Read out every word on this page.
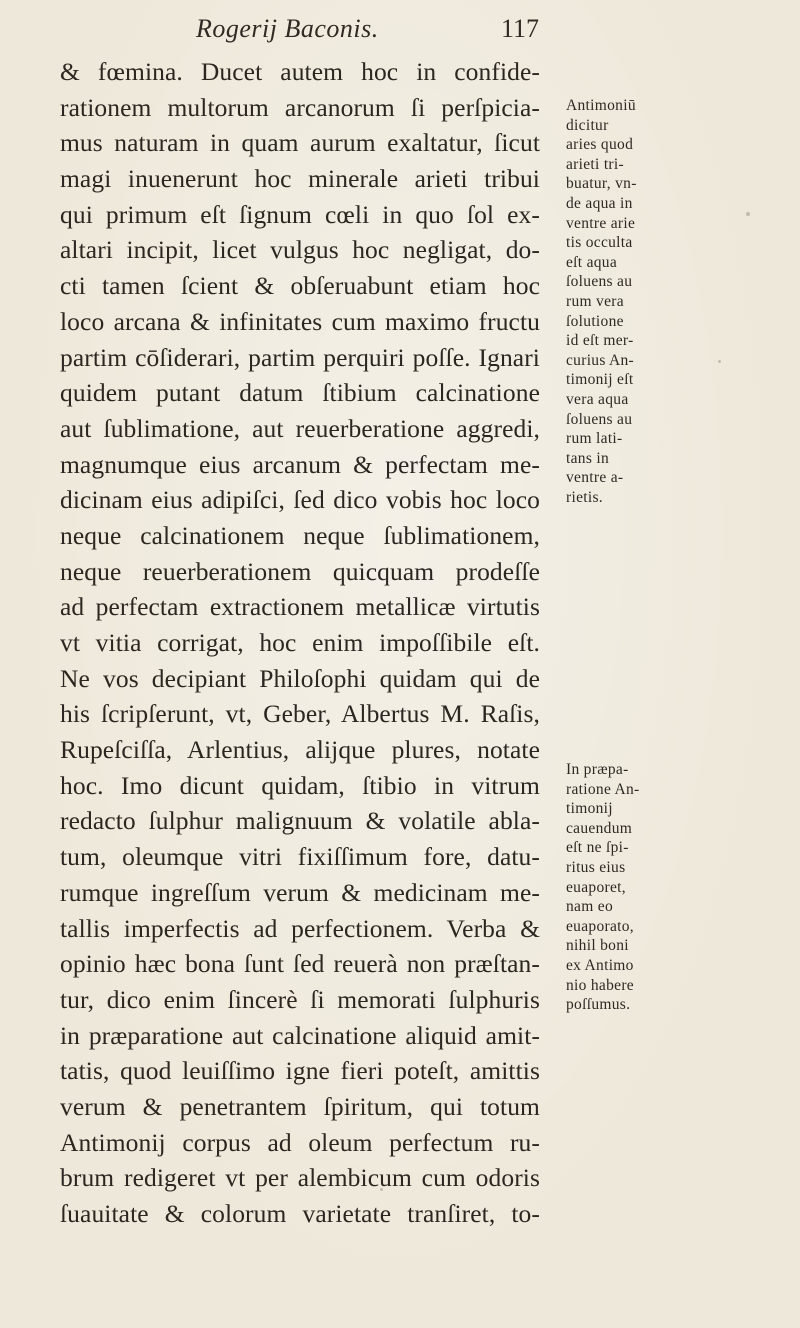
Rogerij Baconis.	117
& fœmina. Ducet autem hoc in confide-
rationem multorum arcanorum ſi perſpicia-
mus naturam in quam aurum exaltatur, ſicut
magi inuenerunt hoc minerale arieti tribui
qui primum eſt ſignum cœli in quo ſol ex-
altari incipit, licet vulgus hoc negligat, do-
cti tamen ſcient & obſeruabunt etiam hoc
loco arcana & infinitates cum maximo fructu
partim cōſiderari, partim perquiri poſſe. Ignari
quidem putant datum ſtibium calcinatione
aut ſublimatione, aut reuerberatione aggredi,
magnumque eius arcanum & perfectam me-
dicinam eius adipiſci, ſed dico vobis hoc loco
neque calcinationem neque ſublimationem,
neque reuerberationem quicquam prodeſſe
ad perfectam extractionem metallicæ virtutis
vt vitia corrigat, hoc enim impoſſibile eſt.
Ne vos decipiant Philoſophi quidam qui de
his ſcripſerunt, vt, Geber, Albertus M. Raſis,
Rupeſciſſa, Arlentius, alijque plures, notate
hoc. Imo dicunt quidam, ſtibio in vitrum
redacto ſulphur malignuum & volatile abla-
tum, oleumque vitri fixiſſimum fore, datu-
rumque ingreſſum verum & medicinam me-
tallis imperfectis ad perfectionem. Verba &
opinio hæc bona ſunt ſed reuerà non præſtan-
tur, dico enim ſincerè ſi memorati ſulphuris
in præparatione aut calcinatione aliquid amit-
tatis, quod leuiſſimo igne fieri poteſt, amittis
verum & penetrantem ſpiritum, qui totum
Antimonij corpus ad oleum perfectum ru-
brum redigeret vt per alembicum cum odoris
ſuauitate & colorum varietate tranſiret, to-
Antimoniū
dicitur
aries quod
arieti tri-
buatur, vn-
de aqua in
ventre arie
tis occulta
eſt aqua
ſoluens au
rum vera
ſolutione
id eſt mer-
curius An-
timonij eſt
vera aqua
ſoluens au
rum lati-
tans in
ventre a-
rietis.
In præpa-
ratione An-
timonij
cauendum
eſt ne ſpi-
ritus eius
euaporet,
nam eo
euaporato,
nihil boni
ex Antimo
nio habere
poſſumus.
